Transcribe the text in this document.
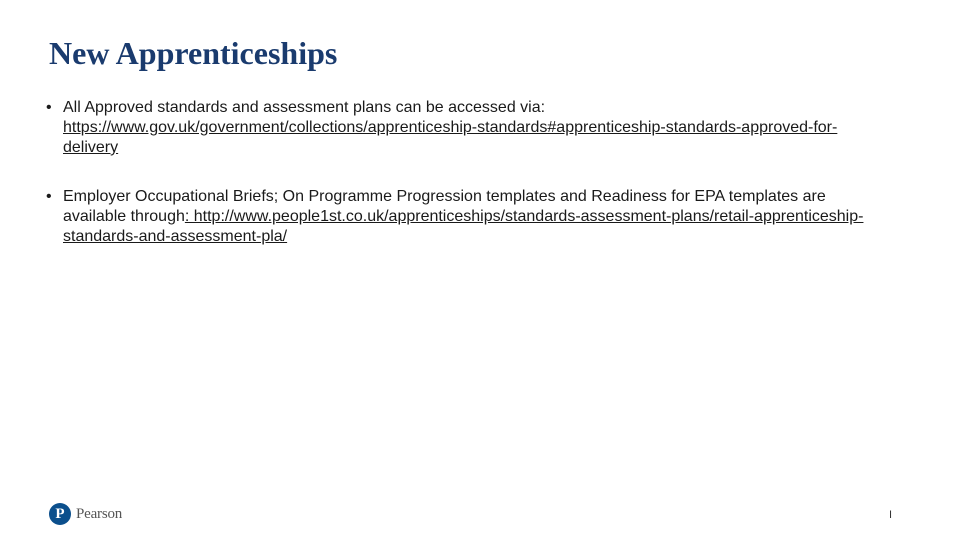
New Apprenticeships
• All Approved standards and assessment plans can be accessed via: https://www.gov.uk/government/collections/apprenticeship-standards#apprenticeship-standards-approved-for-delivery
• Employer Occupational Briefs; On Programme Progression templates and Readiness for EPA templates are available through: http://www.people1st.co.uk/apprenticeships/standards-assessment-plans/retail-apprenticeship-standards-and-assessment-pla/
P Pearson	I
